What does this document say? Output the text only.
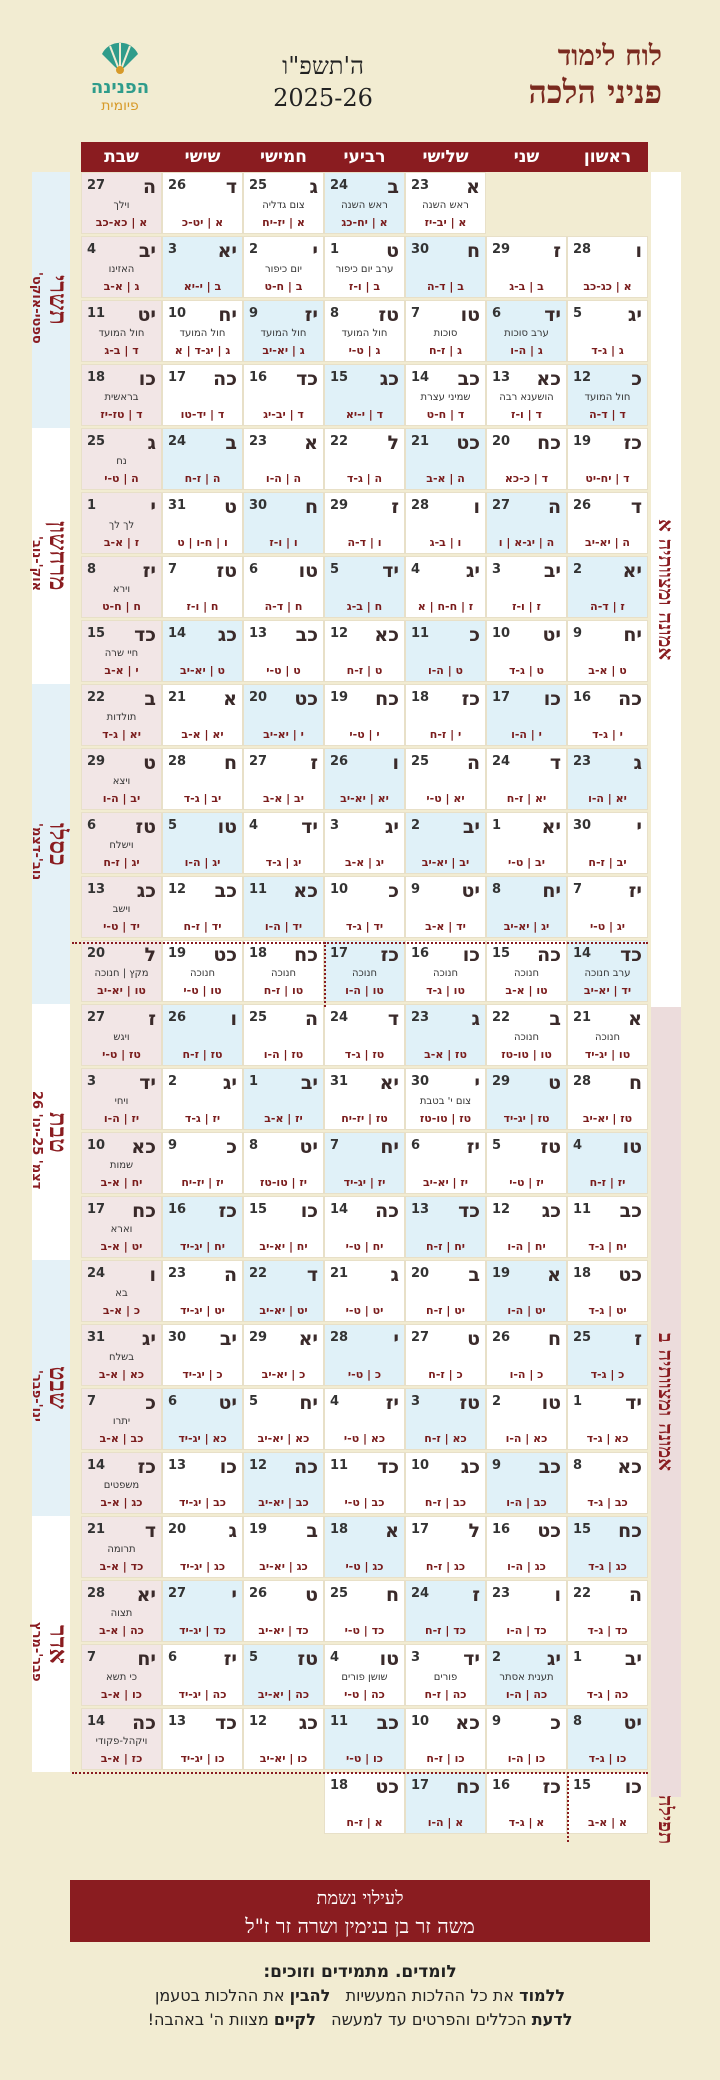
לוח לימוד
פניני הלכה
ה'תשפ"ו
2025-26
הפנינה
פיומית
ראשון
שני
שלישי
רביעי
חמישי
שישי
שבת
תשרי
ספטי-אוקט'
מרחשון
אוק'-נוב'
כסלו
נוב'-דצמ'
טבת
דצמ' 25-ינו' 26
שבט
ינו'-פבר'
אדר
פבר'-מרץ
א
23
ראש השנה
א | יב-יז
ב
24
ראש השנה
א | יח-כג
ג
25
צום גדליה
א | יז-יח
ד
26
א | יט-כ
ה
27
וילך
א | כא-כב
ו
28
א | כג-כב
ז
29
ב | ב-ג
ח
30
ב | ד-ה
ט
1
ערב יום כיפור
ב | ו-ז
י
2
יום כיפור
ב | ח-ט
יא
3
ב | י-יא
יב
4
האזינו
ג | א-ב
יג
5
ג | ג-ד
יד
6
ערב סוכות
ג | ה-ו
טו
7
סוכות
ג | ז-ח
טז
8
חול המועד
ג | ט-י
יז
9
חול המועד
ג | יא-יב
יח
10
חול המועד
ג | יג-ד | א
יט
11
חול המועד
ד | ב-ג
כ
12
חול המועד
ד | ד-ה
כא
13
הושענא רבה
ד | ו-ז
כב
14
שמיני עצרת
ד | ח-ט
כג
15
ד | י-יא
כד
16
ד | יב-יג
כה
17
ד | יד-טו
כו
18
בראשית
ד | טז-יז
כז
19
ד | יח-יט
כח
20
ד | כ-כא
כט
21
ה | א-ב
ל
22
ה | ג-ד
א
23
ה | ה-ו
ב
24
ה | ז-ח
ג
25
נח
ה | ט-י
ד
26
ה | יא-יב
ה
27
ה | יג-א | ו
ו
28
ו | ב-ג
ז
29
ו | ד-ה
ח
30
ו | ו-ז
ט
31
ו | ח-ו | ט
י
1
לך לך
ז | א-ב
יא
2
ז | ד-ה
יב
3
ז | ו-ז
יג
4
ז | ח-ח | א
יד
5
ח | ב-ג
טו
6
ח | ד-ה
טז
7
ח | ו-ז
יז
8
וירא
ח | ח-ט
יח
9
ט | א-ב
יט
10
ט | ג-ד
כ
11
ט | ה-ו
כא
12
ט | ז-ח
כב
13
ט | ט-י
כג
14
ט | יא-יב
כד
15
חיי שרה
י | א-ב
כה
16
י | ג-ד
כו
17
י | ה-ו
כז
18
י | ז-ח
כח
19
י | ט-י
כט
20
י | יא-יב
א
21
יא | א-ב
ב
22
תולדות
יא | ג-ד
ג
23
יא | ה-ו
ד
24
יא | ז-ח
ה
25
יא | ט-י
ו
26
יא | יא-יב
ז
27
יב | א-ב
ח
28
יב | ג-ד
ט
29
ויצא
יב | ה-ו
י
30
יב | ז-ח
יא
1
יב | ט-י
יב
2
יב | יא-יב
יג
3
יג | א-ב
יד
4
יג | ג-ד
טו
5
יג | ה-ו
טז
6
וישלח
יג | ז-ח
יז
7
יג | ט-י
יח
8
יג | יא-יב
יט
9
יד | א-ב
כ
10
יד | ג-ד
כא
11
יד | ה-ו
כב
12
יד | ז-ח
כג
13
וישב
יד | ט-י
כד
14
ערב חנוכה
יד | יא-יב
כה
15
חנוכה
טו | א-ב
כו
16
חנוכה
טו | ג-ד
כז
17
חנוכה
טו | ה-ו
כח
18
חנוכה
טו | ז-ח
כט
19
חנוכה
טו | ט-י
ל
20
מקץ | חנוכה
טו | יא-יב
א
21
חנוכה
טו | יג-יד
ב
22
חנוכה
טו | טו-טז
ג
23
טז | א-ב
ד
24
טז | ג-ד
ה
25
טז | ה-ו
ו
26
טז | ז-ח
ז
27
ויגש
טז | ט-י
ח
28
טז | יא-יב
ט
29
טז | יג-יד
י
30
צום י' בטבת
טז | טו-טז
יא
31
טז | יז-יח
יב
1
יז | א-ב
יג
2
יז | ג-ד
יד
3
ויחי
יז | ה-ו
טו
4
יז | ז-ח
טז
5
יז | ט-י
יז
6
יז | יא-יב
יח
7
יז | יג-יד
יט
8
יז | טו-טז
כ
9
יז | יז-יח
כא
10
שמות
יח | א-ב
כב
11
יח | ג-ד
כג
12
יח | ה-ו
כד
13
יח | ז-ח
כה
14
יח | ט-י
כו
15
יח | יא-יב
כז
16
יח | יג-יד
כח
17
וארא
יט | א-ב
כט
18
יט | ג-ד
א
19
יט | ה-ו
ב
20
יט | ז-ח
ג
21
יט | ט-י
ד
22
יט | יא-יב
ה
23
יט | יג-יד
ו
24
בא
כ | א-ב
ז
25
כ | ג-ד
ח
26
כ | ה-ו
ט
27
כ | ז-ח
י
28
כ | ט-י
יא
29
כ | יא-יב
יב
30
כ | יג-יד
יג
31
בשלח
כא | א-ב
יד
1
כא | ג-ד
טו
2
כא | ה-ו
טז
3
כא | ז-ח
יז
4
כא | ט-י
יח
5
כא | יא-יב
יט
6
כא | יג-יד
כ
7
יתרו
כב | א-ב
כא
8
כב | ג-ד
כב
9
כב | ה-ו
כג
10
כב | ז-ח
כד
11
כב | ט-י
כה
12
כב | יא-יב
כו
13
כב | יג-יד
כז
14
משפטים
כג | א-ב
כח
15
כג | ג-ד
כט
16
כג | ה-ו
ל
17
כג | ז-ח
א
18
כג | ט-י
ב
19
כג | יא-יב
ג
20
כג | יג-יד
ד
21
תרומה
כד | א-ב
ה
22
כד | ג-ד
ו
23
כד | ה-ו
ז
24
כד | ז-ח
ח
25
כד | ט-י
ט
26
כד | יא-יב
י
27
כד | יג-יד
יא
28
תצוה
כה | א-ב
יב
1
כה | ג-ד
יג
2
תענית אסתר
כה | ה-ו
יד
3
פורים
כה | ז-ח
טו
4
שושן פורים
כה | ט-י
טז
5
כה | יא-יב
יז
6
כה | יג-יד
יח
7
כי תשא
כו | א-ב
יט
8
כו | ג-ד
כ
9
כו | ה-ו
כא
10
כו | ז-ח
כב
11
כו | ט-י
כג
12
כו | יא-יב
כד
13
כו | יג-יד
כה
14
ויקהל-פקודי
כז | א-ב
כו
15
א | א-ב
כז
16
א | ג-ד
כח
17
א | ה-ו
כט
18
א | ז-ח
אמונה ומצוותיה א
אמונה ומצוותיה ב
תפילה
לעילוי נשמת
משה זר בן בנימין ושרה זר ז"ל
לומדים. מתמידים וזוכים:
ללמוד את כל ההלכות המעשיות   להבין את ההלכות בטעמן
לדעת הכללים והפרטים עד למעשה   לקיים מצוות ה' באהבה!
